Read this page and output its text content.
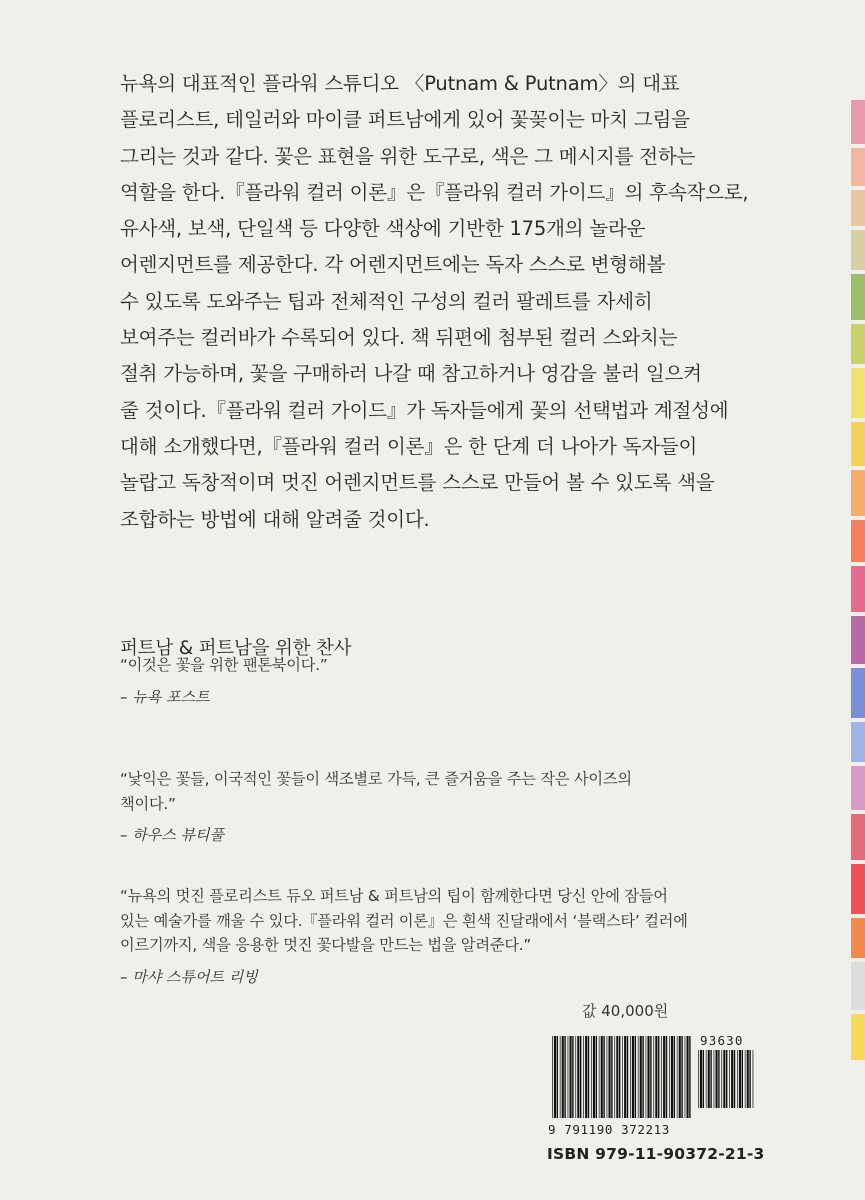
뉴욕의 대표적인 플라워 스튜디오 〈Putnam & Putnam〉의 대표
플로리스트, 테일러와 마이클 퍼트남에게 있어 꽃꽂이는 마치 그림을
그리는 것과 같다. 꽃은 표현을 위한 도구로, 색은 그 메시지를 전하는
역할을 한다.『플라워 컬러 이론』은『플라워 컬러 가이드』의 후속작으로,
유사색, 보색, 단일색 등 다양한 색상에 기반한 175개의 놀라운
어렌지먼트를 제공한다. 각 어렌지먼트에는 독자 스스로 변형해볼
수 있도록 도와주는 팁과 전체적인 구성의 컬러 팔레트를 자세히
보여주는 컬러바가 수록되어 있다. 책 뒤편에 첨부된 컬러 스와치는
절취 가능하며, 꽃을 구매하러 나갈 때 참고하거나 영감을 불러 일으켜
줄 것이다.『플라워 컬러 가이드』가 독자들에게 꽃의 선택법과 계절성에
대해 소개했다면,『플라워 컬러 이론』은 한 단계 더 나아가 독자들이
놀랍고 독창적이며 멋진 어렌지먼트를 스스로 만들어 볼 수 있도록 색을
조합하는 방법에 대해 알려줄 것이다.
퍼트남 & 퍼트남을 위한 찬사
“이것은 꽃을 위한 팬톤북이다.”
– 뉴욕 포스트
“낯익은 꽃들, 이국적인 꽃들이 색조별로 가득, 큰 즐거움을 주는 작은 사이즈의
책이다.”
– 하우스 뷰티풀
“뉴욕의 멋진 플로리스트 듀오 퍼트남 & 퍼트남의 팁이 함께한다면 당신 안에 잠들어
있는 예술가를 깨울 수 있다.『플라워 컬러 이론』은 흰색 진달래에서 ‘블랙스타’ 컬러에
이르기까지, 색을 응용한 멋진 꽃다발을 만드는 법을 알려준다.”
– 마샤 스튜어트 리빙
값 40,000원
9 791190 372213
93630
ISBN 979-11-90372-21-3
